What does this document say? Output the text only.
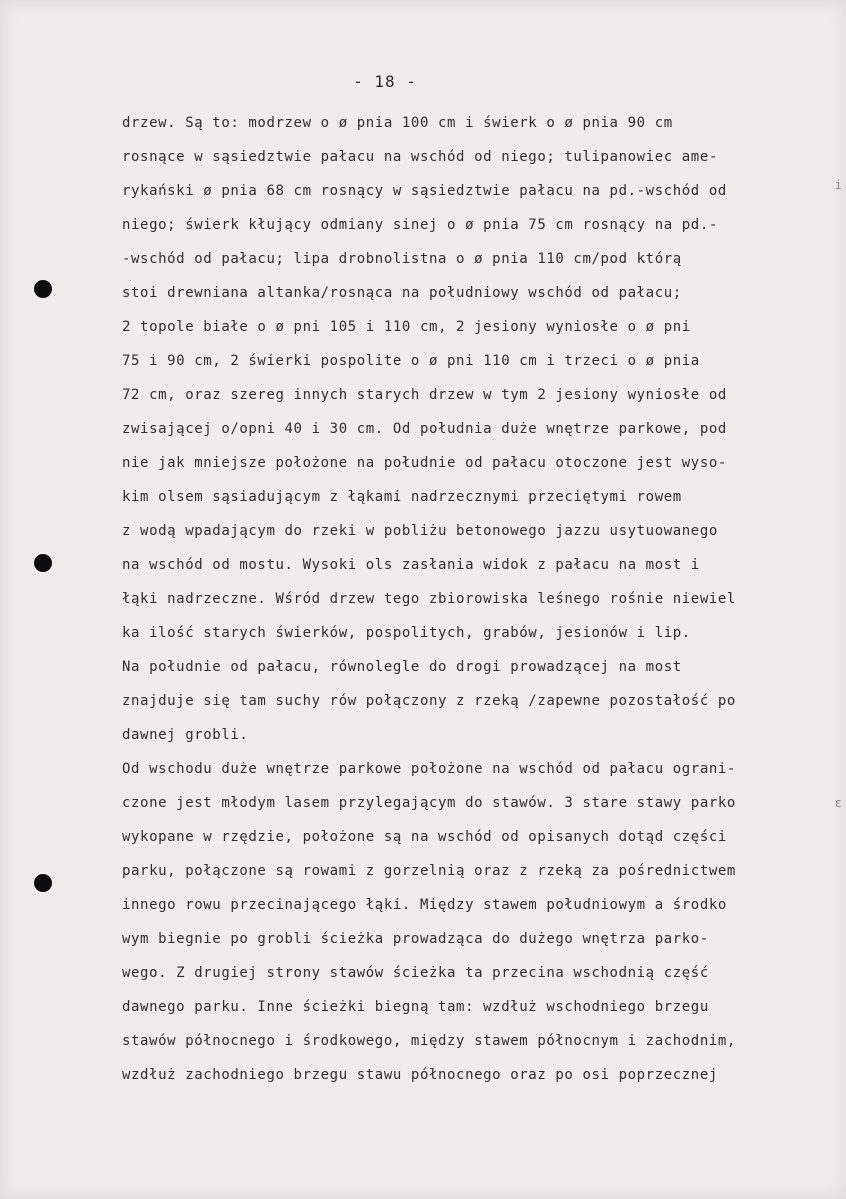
- 18 -
drzew. Są to: modrzew o ø pnia 100 cm i świerk o ø pnia 90 cm
rosnące w sąsiedztwie pałacu na wschód od niego; tulipanowiec ame-
rykański ø pnia 68 cm rosnący w sąsiedztwie pałacu na pd.-wschód od
niego; świerk kłujący odmiany sinej o ø pnia 75 cm rosnący na pd.-
-wschód od pałacu; lipa drobnolistna o ø pnia 110 cm/pod którą
stoi drewniana altanka/rosnąca na południowy wschód od pałacu;
2 topole białe o ø pni 105 i 110 cm, 2 jesiony wyniosłe o ø pni
75 i 90 cm, 2 świerki pospolite o ø pni 110 cm i trzeci o ø pnia
72 cm, oraz szereg innych starych drzew w tym 2 jesiony wyniosłe od
zwisającej o/opni 40 i 30 cm. Od południa duże wnętrze parkowe, pod
nie jak mniejsze położone na południe od pałacu otoczone jest wyso-
kim olsem sąsiadującym z łąkami nadrzecznymi przeciętymi rowem
z wodą wpadającym do rzeki w pobliżu betonowego jazzu usytuowanego
na wschód od mostu. Wysoki ols zasłania widok z pałacu na most i
łąki nadrzeczne. Wśród drzew tego zbiorowiska leśnego rośnie niewiel
ka ilość starych świerków, pospolitych, grabów, jesionów i lip.
Na południe od pałacu, równolegle do drogi prowadzącej na most
znajduje się tam suchy rów połączony z rzeką /zapewne pozostałość po
dawnej grobli.
Od wschodu duże wnętrze parkowe położone na wschód od pałacu ograni-
czone jest młodym lasem przylegającym do stawów. 3 stare stawy parko
wykopane w rzędzie, położone są na wschód od opisanych dotąd części
parku, połączone są rowami z gorzelnią oraz z rzeką za pośrednictwem
innego rowu przecinającego łąki. Między stawem południowym a środko
wym biegnie po grobli ścieżka prowadząca do dużego wnętrza parko-
wego. Z drugiej strony stawów ścieżka ta przecina wschodnią część
dawnego parku. Inne ścieżki biegną tam: wzdłuż wschodniego brzegu
stawów północnego i środkowego, między stawem północnym i zachodnim,
wzdłuż zachodniego brzegu stawu północnego oraz po osi poprzecznej
i
ε
